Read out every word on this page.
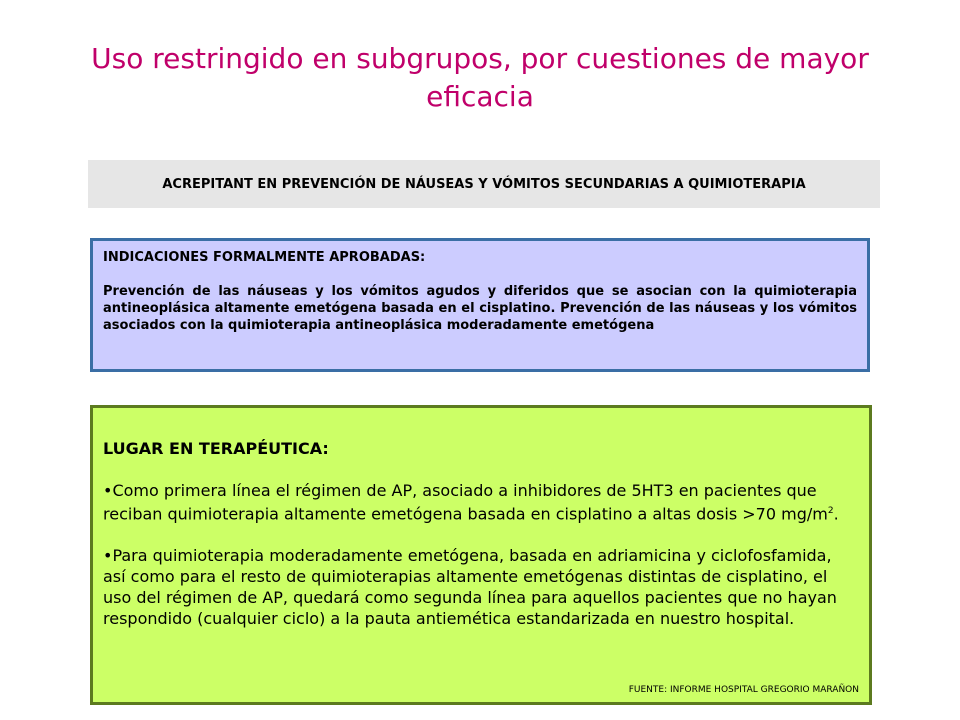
Uso restringido en subgrupos, por cuestiones de mayor eficacia
ACREPITANT EN PREVENCIÓN DE NÁUSEAS Y VÓMITOS SECUNDARIAS A QUIMIOTERAPIA
INDICACIONES FORMALMENTE APROBADAS:
Prevención de las náuseas y los vómitos agudos y diferidos que se asocian con la quimioterapia antineoplásica altamente emetógena basada en el cisplatino. Prevención de las náuseas y los vómitos asociados con la quimioterapia antineoplásica moderadamente emetógena
LUGAR EN TERAPÉUTICA:
•Como primera línea el régimen de AP, asociado a inhibidores de 5HT3 en pacientes que reciban quimioterapia altamente emetógena basada en cisplatino a altas dosis >70 $mg/m^2$.
•Para quimioterapia moderadamente emetógena, basada en adriamicina y ciclofosfamida, así como para el resto de quimioterapias altamente emetógenas distintas de cisplatino, el uso del régimen de AP, quedará como segunda línea para aquellos pacientes que no hayan respondido (cualquier ciclo) a la pauta antiemética estandarizada en nuestro hospital.
FUENTE: INFORME HOSPITAL GREGORIO MARAÑON
